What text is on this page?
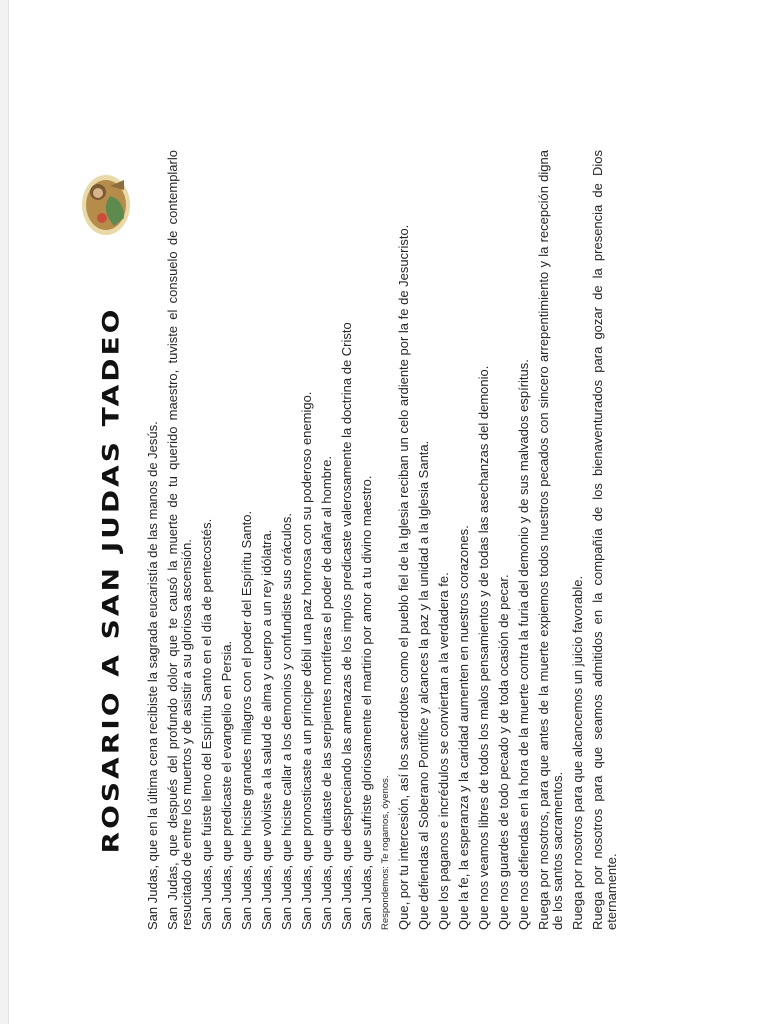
ROSARIO A SAN JUDAS TADEO San Judas, que en la última cena recibiste la sagrada eucaristía de las manos de Jesús. San Judas, que después del profundo dolor que te causó la muerte de tu querido maestro, tuviste el consuelo de contemplarlo resucitado de entre los muertos y de asistir a su gloriosa ascensión. San Judas, que fuiste lleno del Espíritu Santo en el día de pentecostés. San Judas, que predicaste el evangelio en Persia. San Judas, que hiciste grandes milagros con el poder del Espíritu Santo. San Judas, que volviste a la salud de alma y cuerpo a un rey idólatra. San Judas, que hiciste callar a los demonios y confundiste sus oráculos. San Judas, que pronosticaste a un príncipe débil una paz honrosa con su poderoso enemigo. San Judas, que quitaste de las serpientes mortíferas el poder de dañar al hombre. San Judas, que despreciando las amenazas de los impíos predicaste valerosamente la doctrina de Cristo San Judas, que sufriste gloriosamente el martirio por amor a tu divino maestro. Respondemos: Te rogamos, óyenos. Que, por tu intercesión, así los sacerdotes como el pueblo fiel de la Iglesia reciban un celo ardiente por la fe de Jesucristo. Que defiendas al Soberano Pontífice y alcances la paz y la unidad a la Iglesia Santa. Que los paganos e incrédulos se conviertan a la verdadera fe. Que la fe, la esperanza y la caridad aumenten en nuestros corazones. Que nos veamos libres de todos los malos pensamientos y de todas las asechanzas del demonio. Que nos guardes de todo pecado y de toda ocasión de pecar. Que nos defiendas en la hora de la muerte contra la furia del demonio y de sus malvados espíritus. Ruega por nosotros, para que antes de la muerte expiemos todos nuestros pecados con sincero arrepentimiento y la recepción digna de los santos sacramentos. Ruega por nosotros para que alcancemos un juicio favorable. Ruega por nosotros para que seamos admitidos en la compañía de los bienaventurados para gozar de la presencia de Dios eternamente.
